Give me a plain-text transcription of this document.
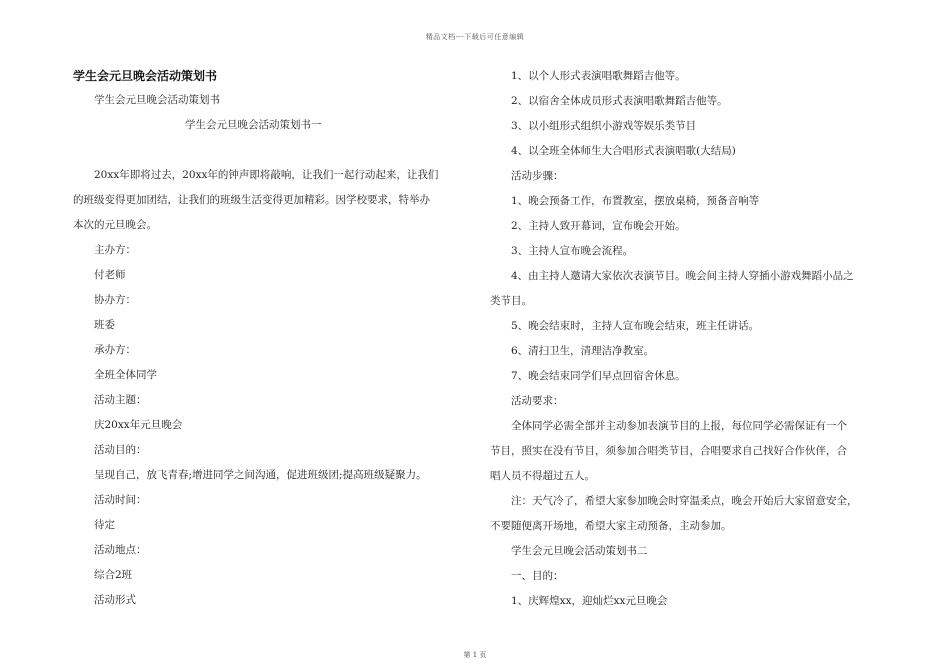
精品文档---下载后可任意编辑
学生会元旦晚会活动策划书
学生会元旦晚会活动策划书
学生会元旦晚会活动策划书一
20xx年即将过去，20xx年的钟声即将敲响，让我们一起行动起来，让我们
的班级变得更加团结，让我们的班级生活变得更加精彩。因学校要求，特举办
本次的元旦晚会。
主办方：
付老师
协办方：
班委
承办方：
全班全体同学
活动主题：
庆20xx年元旦晚会
活动目的：
呈现自己，放飞青春;增进同学之间沟通，促进班级团;提高班级疑聚力。
活动时间：
待定
活动地点：
综合2班
活动形式
1、以个人形式表演唱歌舞蹈吉他等。
2、以宿舍全体成员形式表演唱歌舞蹈吉他等。
3、以小组形式组织小游戏等娱乐类节目
4、以全班全体师生大合唱形式表演唱歌(大结局)
活动步骤：
1、晚会预备工作，布置教室，摆放桌椅，预备音响等
2、主持人致开幕词，宣布晚会开始。
3、主持人宣布晚会流程。
4、由主持人邀请大家依次表演节目。晚会间主持人穿插小游戏舞蹈小品之
类节目。
5、晚会结束时，主持人宣布晚会结束，班主任讲话。
6、清扫卫生，清理洁净教室。
7、晚会结束同学们早点回宿舍休息。
活动要求：
全体同学必需全部并主动参加表演节目的上报，每位同学必需保证有一个
节目，照实在没有节目，须参加合唱类节目，合唱要求自己找好合作伙伴，合
唱人员不得超过五人。
注：天气冷了，希望大家参加晚会时穿温柔点，晚会开始后大家留意安全，
不要随便离开场地，希望大家主动预备，主动参加。
学生会元旦晚会活动策划书二
一、目的：
1、庆辉煌xx，迎灿烂xx元旦晚会
第 1 页
